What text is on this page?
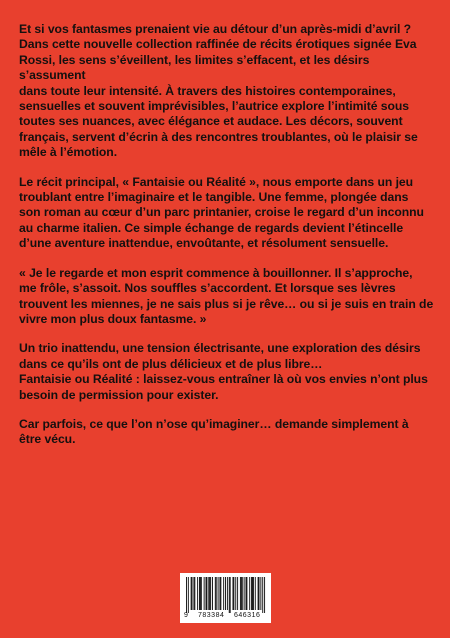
Et si vos fantasmes prenaient vie au détour d’un après-midi d’avril ?
Dans cette nouvelle collection raffinée de récits érotiques signée Eva
Rossi, les sens s’éveillent, les limites s’effacent, et les désirs s’assument
dans toute leur intensité. À travers des histoires contemporaines,
sensuelles et souvent imprévisibles, l’autrice explore l’intimité sous
toutes ses nuances, avec élégance et audace. Les décors, souvent
français, servent d’écrin à des rencontres troublantes, où le plaisir se
mêle à l’émotion.

Le récit principal, « Fantaisie ou Réalité », nous emporte dans un jeu
troublant entre l’imaginaire et le tangible. Une femme, plongée dans
son roman au cœur d’un parc printanier, croise le regard d’un inconnu
au charme italien. Ce simple échange de regards devient l’étincelle
d’une aventure inattendue, envoûtante, et résolument sensuelle.

« Je le regarde et mon esprit commence à bouillonner. Il s’approche,
me frôle, s’assoit. Nos souffles s’accordent. Et lorsque ses lèvres
trouvent les miennes, je ne sais plus si je rêve… ou si je suis en train de
vivre mon plus doux fantasme. »

Un trio inattendu, une tension électrisante, une exploration des désirs
dans ce qu’ils ont de plus délicieux et de plus libre…
Fantaisie ou Réalité : laissez-vous entraîner là où vos envies n’ont plus
besoin de permission pour exister.

Car parfois, ce que l’on n’ose qu’imaginer… demande simplement à
être vécu.

9 783384 646316
